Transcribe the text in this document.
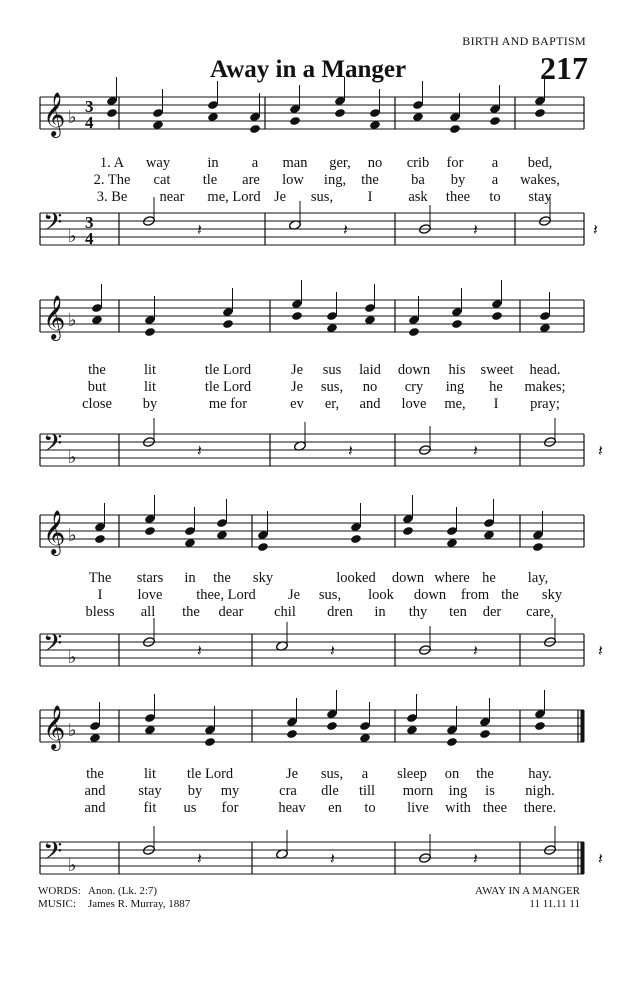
BIRTH AND BAPTISM
Away in a Manger	217
𝄞 ♭
3
4
𝄢 ♭
3
4	𝄽	𝄽	𝄽	𝄽
𝄞 ♭
𝄢 ♭	𝄽	𝄽	𝄽	𝄽
𝄞 ♭
𝄢 ♭	𝄽	𝄽	𝄽	𝄽
𝄞 ♭
𝄢 ♭	𝄽	𝄽	𝄽	𝄽
1. A way	in a man ger, no crib for a bed,
2. The cat tle are low ing, the ba by a wakes,
3. Be near me, Lord Je sus, I ask thee to stay
the	lit	tle Lord	Je sus laid down his sweet head.
but	lit	tle Lord	Je sus, no cry ing he makes;
close by	me for	ev er, and love me, I pray;
The stars in the sky	looked down where he lay,
I love thee, Lord Je sus, look down from the sky
bless all the dear chil dren in thy ten der care,
the	lit tle Lord	Je sus, a sleep on the hay.
and stay by my	cra dle till morn ing is nigh.
and	fit us for	heav en to live with thee there.
WORDS: Anon. (Lk. 2:7)
MUSIC: James R. Murray, 1887
AWAY IN A MANGER
11 11.11 11
